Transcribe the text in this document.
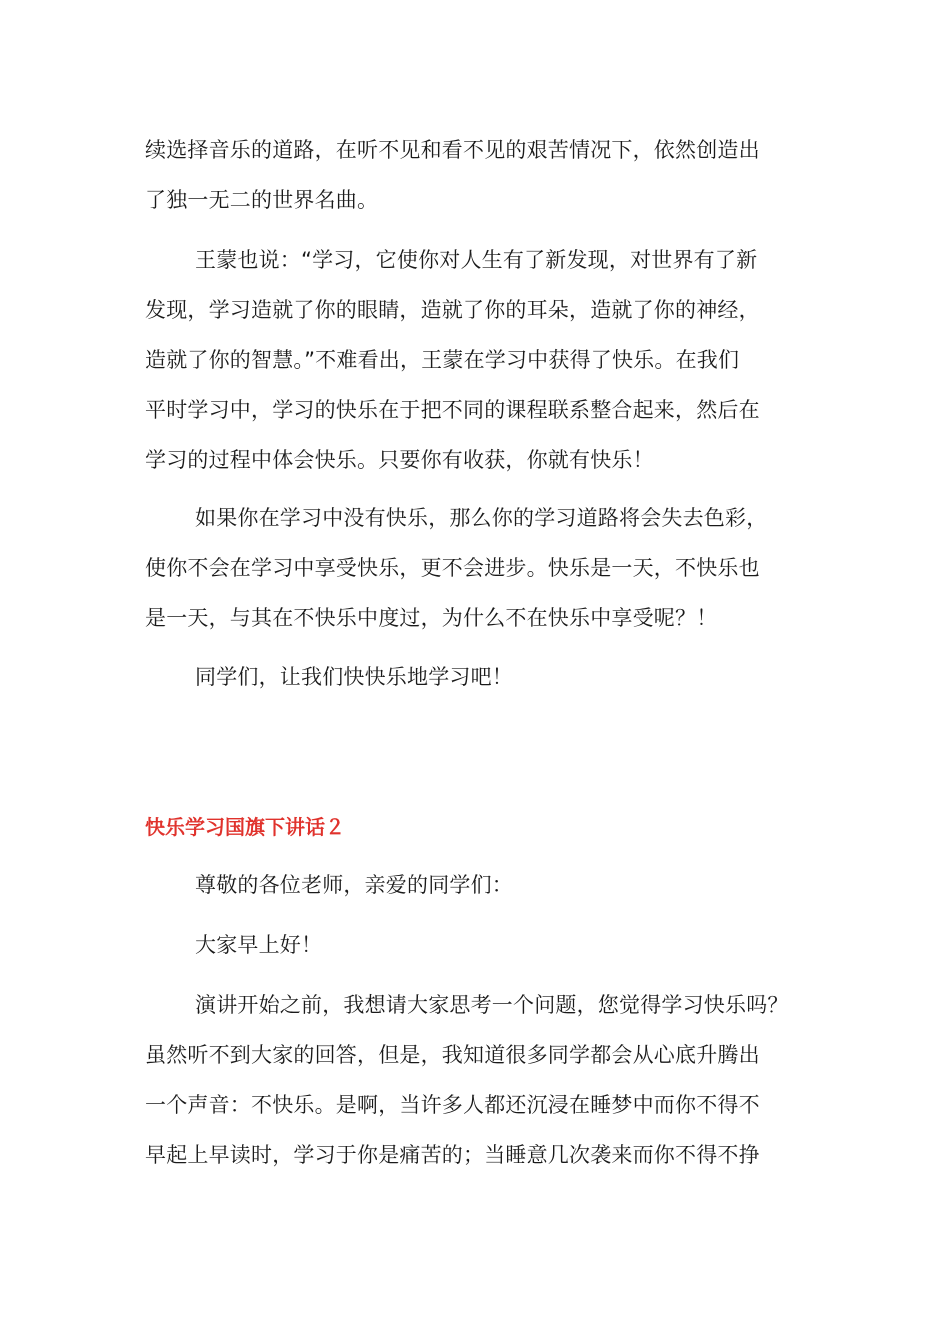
续选择音乐的道路，在听不见和看不见的艰苦情况下，依然创造出
了独一无二的世界名曲。
王蒙也说：“学习，它使你对人生有了新发现，对世界有了新
发现，学习造就了你的眼睛，造就了你的耳朵，造就了你的神经，
造就了你的智慧。”不难看出，王蒙在学习中获得了快乐。在我们
平时学习中，学习的快乐在于把不同的课程联系整合起来，然后在
学习的过程中体会快乐。只要你有收获，你就有快乐！
如果你在学习中没有快乐，那么你的学习道路将会失去色彩，
使你不会在学习中享受快乐，更不会进步。快乐是一天，不快乐也
是一天，与其在不快乐中度过，为什么不在快乐中享受呢？！
同学们，让我们快快乐地学习吧！
快乐学习国旗下讲话２
尊敬的各位老师，亲爱的同学们：
大家早上好！
演讲开始之前，我想请大家思考一个问题，您觉得学习快乐吗？
虽然听不到大家的回答，但是，我知道很多同学都会从心底升腾出
一个声音：不快乐。是啊，当许多人都还沉浸在睡梦中而你不得不
早起上早读时，学习于你是痛苦的；当睡意几次袭来而你不得不挣
